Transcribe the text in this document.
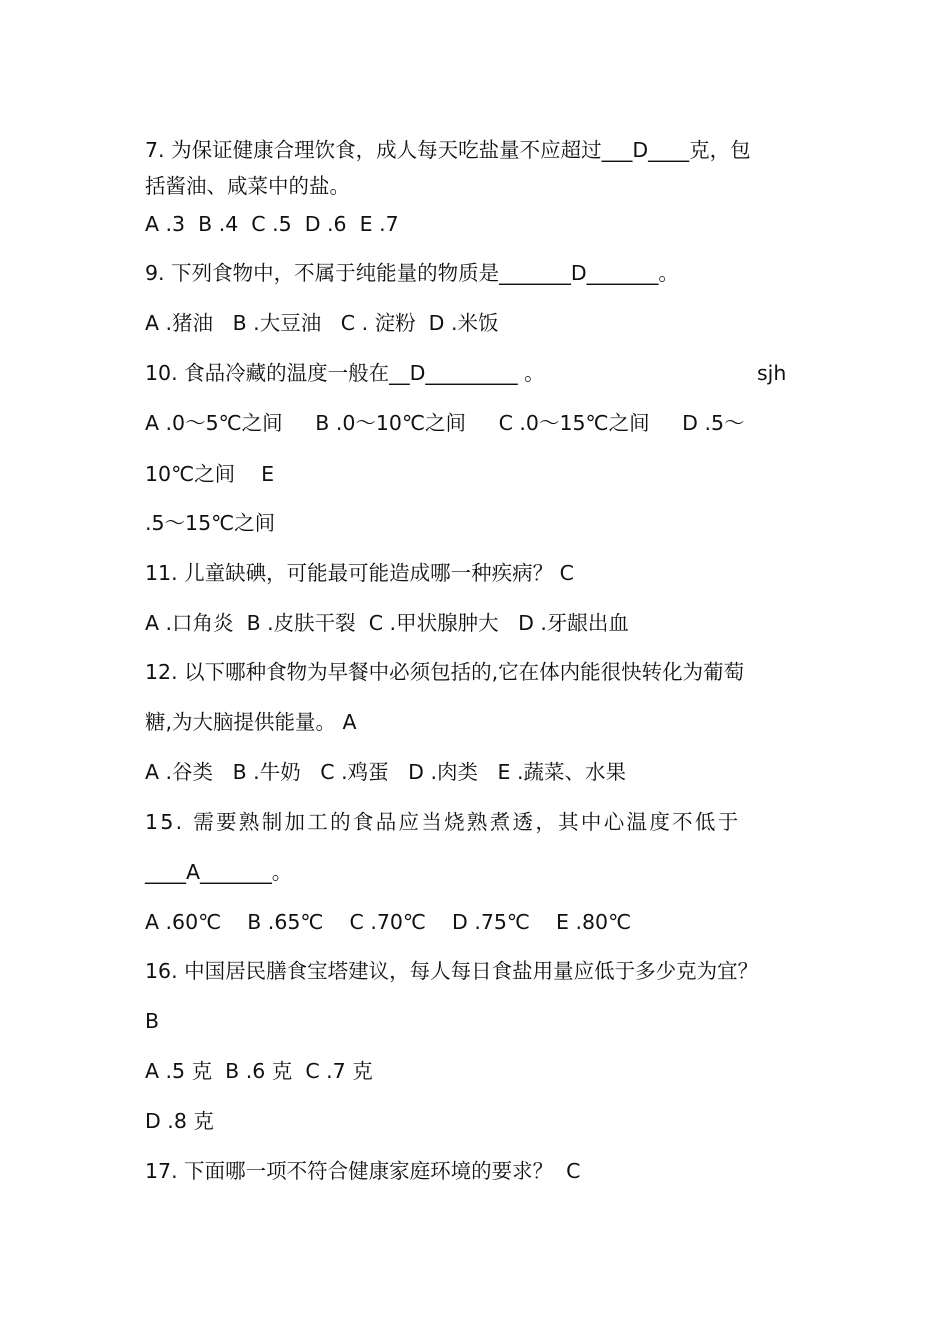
7. 为保证健康合理饮食，成人每天吃盐量不应超过___D____克，包
括酱油、咸菜中的盐。
A .3  B .4  C .5  D .6  E .7
9. 下列食物中，不属于纯能量的物质是_______D_______。
A .猪油   B .大豆油   C . 淀粉  D .米饭
10. 食品冷藏的温度一般在__D_________ 。	sjh
A .0～5℃之间     B .0～10℃之间     C .0～15℃之间     D .5～
10℃之间    E
.5～15℃之间
11. 儿童缺碘，可能最可能造成哪一种疾病？ C
A .口角炎  B .皮肤干裂  C .甲状腺肿大   D .牙龈出血
12. 以下哪种食物为早餐中必须包括的,它在体内能很快转化为葡萄
糖,为大脑提供能量。 A
A .谷类   B .牛奶   C .鸡蛋   D .肉类   E .蔬菜、水果
15. 需要熟制加工的食品应当烧熟煮透，其中心温度不低于
____A_______。
A .60℃    B .65℃    C .70℃    D .75℃    E .80℃
16. 中国居民膳食宝塔建议，每人每日食盐用量应低于多少克为宜？
B
A .5 克  B .6 克  C .7 克
D .8 克
17. 下面哪一项不符合健康家庭环境的要求？  C
